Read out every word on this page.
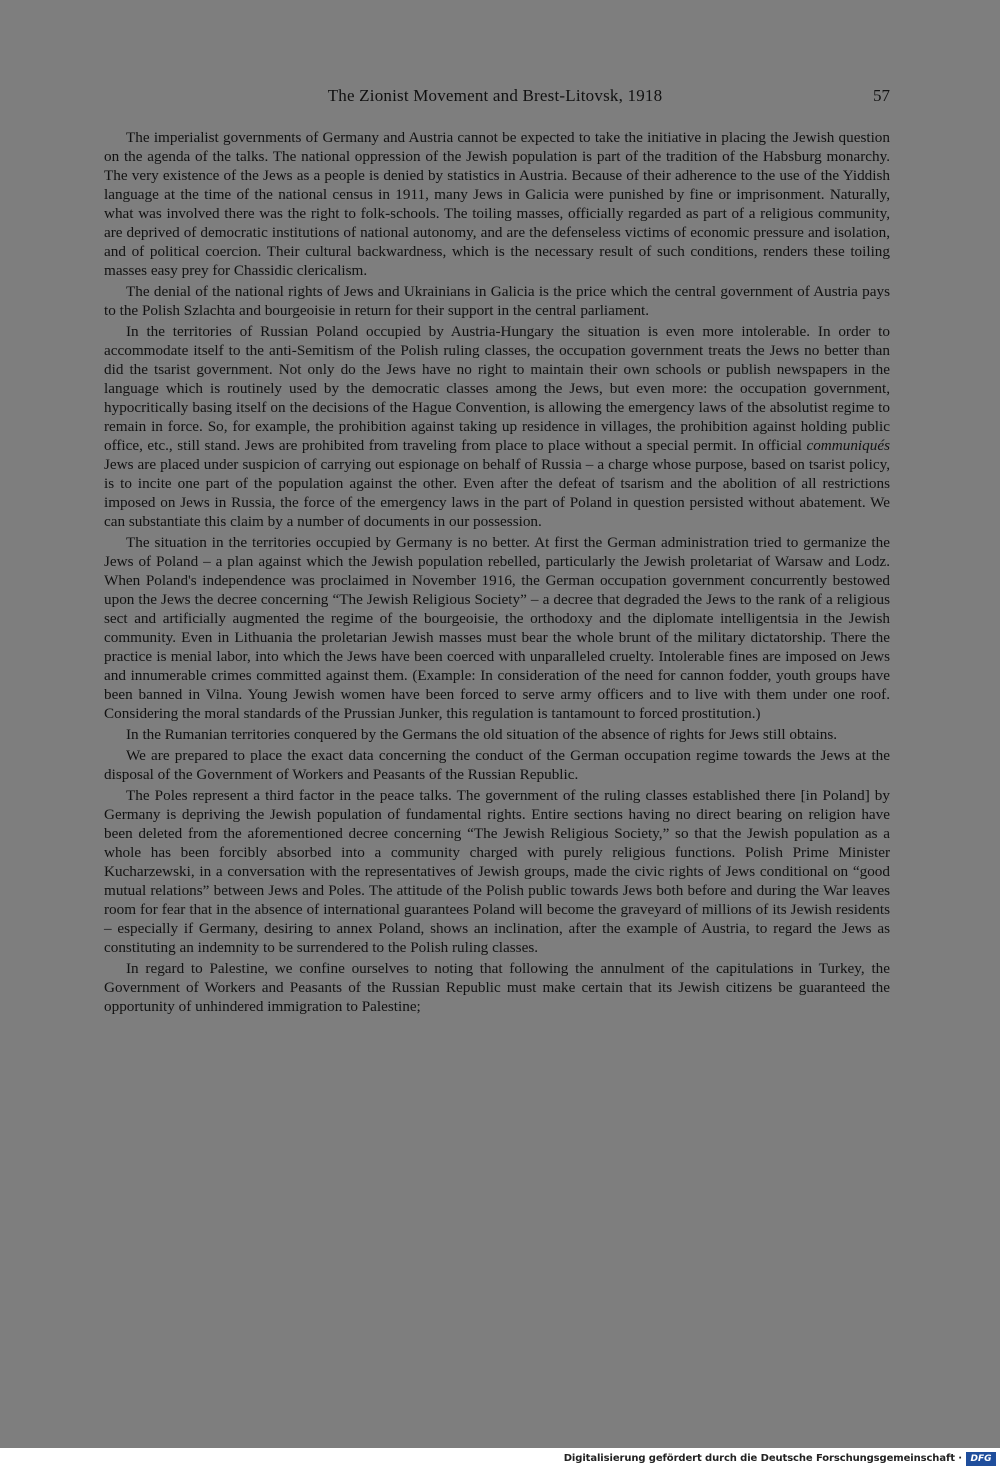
The Zionist Movement and Brest-Litovsk, 1918	57

The imperialist governments of Germany and Austria cannot be expected to take the initiative in placing the Jewish question on the agenda of the talks. The national oppression of the Jewish population is part of the tradition of the Habsburg monarchy. The very existence of the Jews as a people is denied by statistics in Austria. Because of their adherence to the use of the Yiddish language at the time of the national census in 1911, many Jews in Galicia were punished by fine or imprisonment. Naturally, what was involved there was the right to folk-schools. The toiling masses, officially regarded as part of a religious community, are deprived of democratic institutions of national autonomy, and are the defenseless victims of economic pressure and isolation, and of political coercion. Their cultural backwardness, which is the necessary result of such conditions, renders these toiling masses easy prey for Chassidic clericalism.

The denial of the national rights of Jews and Ukrainians in Galicia is the price which the central government of Austria pays to the Polish Szlachta and bourgeoisie in return for their support in the central parliament.

In the territories of Russian Poland occupied by Austria-Hungary the situation is even more intolerable. In order to accommodate itself to the anti-Semitism of the Polish ruling classes, the occupation government treats the Jews no better than did the tsarist government. Not only do the Jews have no right to maintain their own schools or publish newspapers in the language which is routinely used by the democratic classes among the Jews, but even more: the occupation government, hypocritically basing itself on the decisions of the Hague Convention, is allowing the emergency laws of the absolutist regime to remain in force. So, for example, the prohibition against taking up residence in villages, the prohibition against holding public office, etc., still stand. Jews are prohibited from traveling from place to place without a special permit. In official communiqués Jews are placed under suspicion of carrying out espionage on behalf of Russia – a charge whose purpose, based on tsarist policy, is to incite one part of the population against the other. Even after the defeat of tsarism and the abolition of all restrictions imposed on Jews in Russia, the force of the emergency laws in the part of Poland in question persisted without abatement. We can substantiate this claim by a number of documents in our possession.

The situation in the territories occupied by Germany is no better. At first the German administration tried to germanize the Jews of Poland – a plan against which the Jewish population rebelled, particularly the Jewish proletariat of Warsaw and Lodz. When Poland's independence was proclaimed in November 1916, the German occupation government concurrently bestowed upon the Jews the decree concerning “The Jewish Religious Society” – a decree that degraded the Jews to the rank of a religious sect and artificially augmented the regime of the bourgeoisie, the orthodoxy and the diplomate intelligentsia in the Jewish community. Even in Lithuania the proletarian Jewish masses must bear the whole brunt of the military dictatorship. There the practice is menial labor, into which the Jews have been coerced with unparalleled cruelty. Intolerable fines are imposed on Jews and innumerable crimes committed against them. (Example: In consideration of the need for cannon fodder, youth groups have been banned in Vilna. Young Jewish women have been forced to serve army officers and to live with them under one roof. Considering the moral standards of the Prussian Junker, this regulation is tantamount to forced prostitution.)

In the Rumanian territories conquered by the Germans the old situation of the absence of rights for Jews still obtains.

We are prepared to place the exact data concerning the conduct of the German occupation regime towards the Jews at the disposal of the Government of Workers and Peasants of the Russian Republic.

The Poles represent a third factor in the peace talks. The government of the ruling classes established there [in Poland] by Germany is depriving the Jewish population of fundamental rights. Entire sections having no direct bearing on religion have been deleted from the aforementioned decree concerning “The Jewish Religious Society,” so that the Jewish population as a whole has been forcibly absorbed into a community charged with purely religious functions. Polish Prime Minister Kucharzewski, in a conversation with the representatives of Jewish groups, made the civic rights of Jews conditional on “good mutual relations” between Jews and Poles. The attitude of the Polish public towards Jews both before and during the War leaves room for fear that in the absence of international guarantees Poland will become the graveyard of millions of its Jewish residents – especially if Germany, desiring to annex Poland, shows an inclination, after the example of Austria, to regard the Jews as constituting an indemnity to be surrendered to the Polish ruling classes.

In regard to Palestine, we confine ourselves to noting that following the annulment of the capitulations in Turkey, the Government of Workers and Peasants of the Russian Republic must make certain that its Jewish citizens be guaranteed the opportunity of unhindered immigration to Palestine;

Digitalisierung gefördert durch die Deutsche Forschungsgemeinschaft · DFG
